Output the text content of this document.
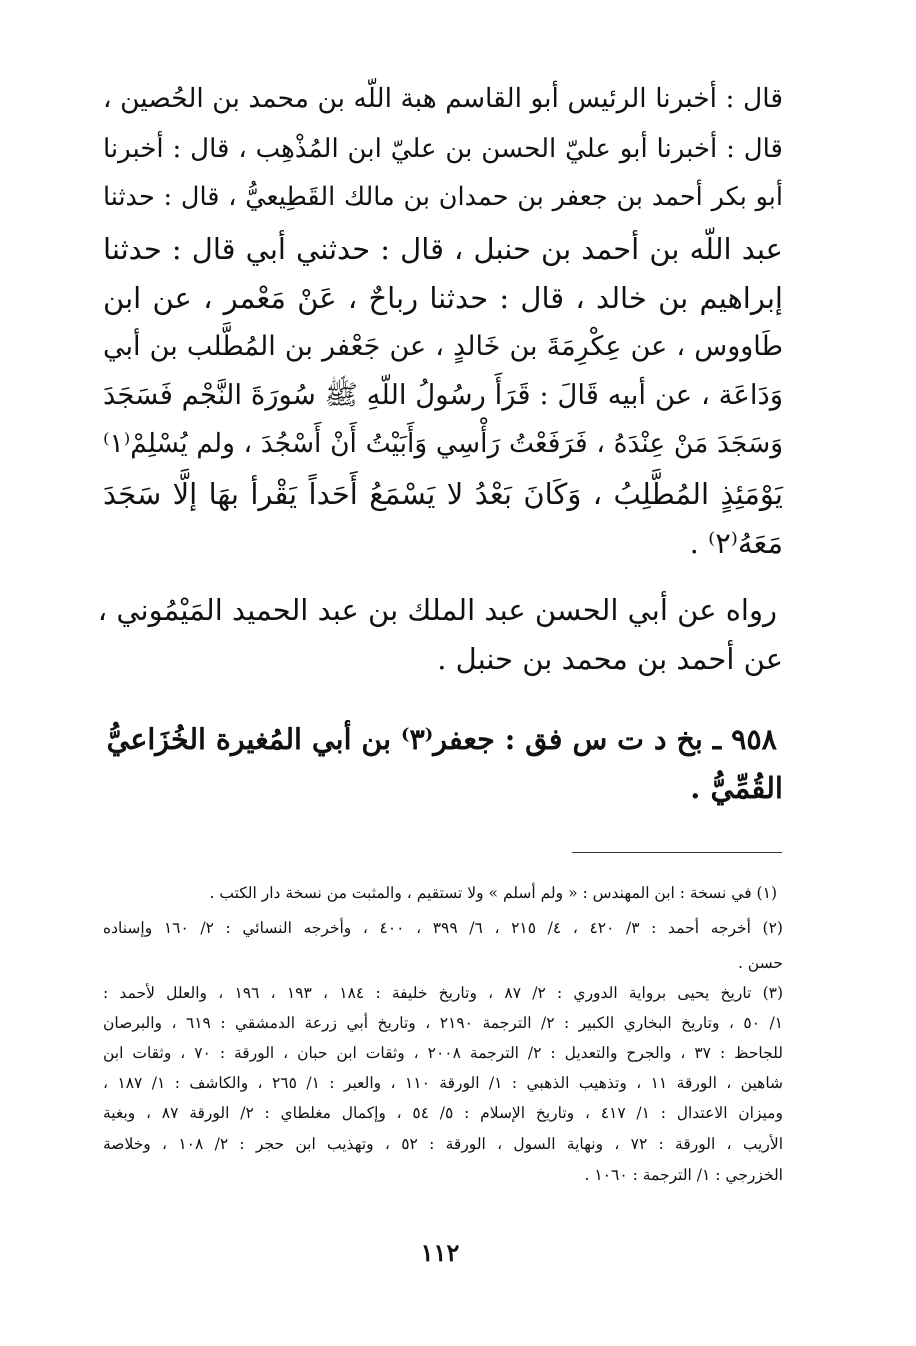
قال : أخبرنا الرئيس أبو القاسم هبة اللّه بن محمد بن الحُصين ،
قال : أخبرنا أبو عليّ الحسن بن عليّ ابن المُذْهِب ، قال : أخبرنا
أبو بكر أحمد بن جعفر بن حمدان بن مالك القَطِيعيُّ ، قال : حدثنا
عبد اللّه بن أحمد بن حنبل ، قال : حدثني أبي قال : حدثنا
إبراهيم بن خالد ، قال : حدثنا رباحٌ ، عَنْ مَعْمر ، عن ابن
طَاووس ، عن عِكْرِمَةَ بن خَالدٍ ، عن جَعْفر بن المُطَّلب بن أبي
وَدَاعَة ، عن أبيه قَالَ : قَرَأَ رسُولُ اللّهِ ﷺ سُورَةَ النَّجْم فَسَجَدَ
وَسَجَدَ مَنْ عِنْدَهُ ، فَرَفَعْتُ رَأْسِي وَأَبَيْتُ أَنْ أَسْجُدَ ، ولم يُسْلِمْ⁽١⁾
يَوْمَئِذٍ المُطَّلِبُ ، وَكَانَ بَعْدُ لا يَسْمَعُ أَحَداً يَقْرأ بهَا إلَّا سَجَدَ
مَعَهُ⁽٢⁾ .
رواه عن أبي الحسن عبد الملك بن عبد الحميد المَيْمُوني ،
عن أحمد بن محمد بن حنبل .
٩٥٨ ـ بخ د ت س فق : جعفر⁽٣⁾ بن أبي المُغيرة الخُزَاعيُّ
القُمِّيُّ .
(١) في نسخة : ابن المهندس : « ولم أسلم » ولا تستقيم ، والمثبت من نسخة دار الكتب .
(٢) أخرجه أحمد : ٣/ ٤٢٠ ، ٤/ ٢١٥ ، ٦/ ٣٩٩ ، ٤٠٠ ، وأخرجه النسائي : ٢/ ١٦٠ وإسناده
حسن .
(٣) تاريخ يحيى برواية الدوري : ٢/ ٨٧ ، وتاريخ خليفة : ١٨٤ ، ١٩٣ ، ١٩٦ ، والعلل لأحمد :
١/ ٥٠ ، وتاريخ البخاري الكبير : ٢/ الترجمة ٢١٩٠ ، وتاريخ أبي زرعة الدمشقي : ٦١٩ ، والبرصان
للجاحظ : ٣٧ ، والجرح والتعديل : ٢/ الترجمة ٢٠٠٨ ، وثقات ابن حبان ، الورقة : ٧٠ ، وثقات ابن
شاهين ، الورقة ١١ ، وتذهيب الذهبي : ١/ الورقة ١١٠ ، والعبر : ١/ ٢٦٥ ، والكاشف : ١/ ١٨٧ ،
وميزان الاعتدال : ١/ ٤١٧ ، وتاريخ الإسلام : ٥/ ٥٤ ، وإكمال مغلطاي : ٢/ الورقة ٨٧ ، وبغية
الأريب ، الورقة : ٧٢ ، ونهاية السول ، الورقة : ٥٢ ، وتهذيب ابن حجر : ٢/ ١٠٨ ، وخلاصة
الخزرجي : ١/ الترجمة : ١٠٦٠ .
١١٢
